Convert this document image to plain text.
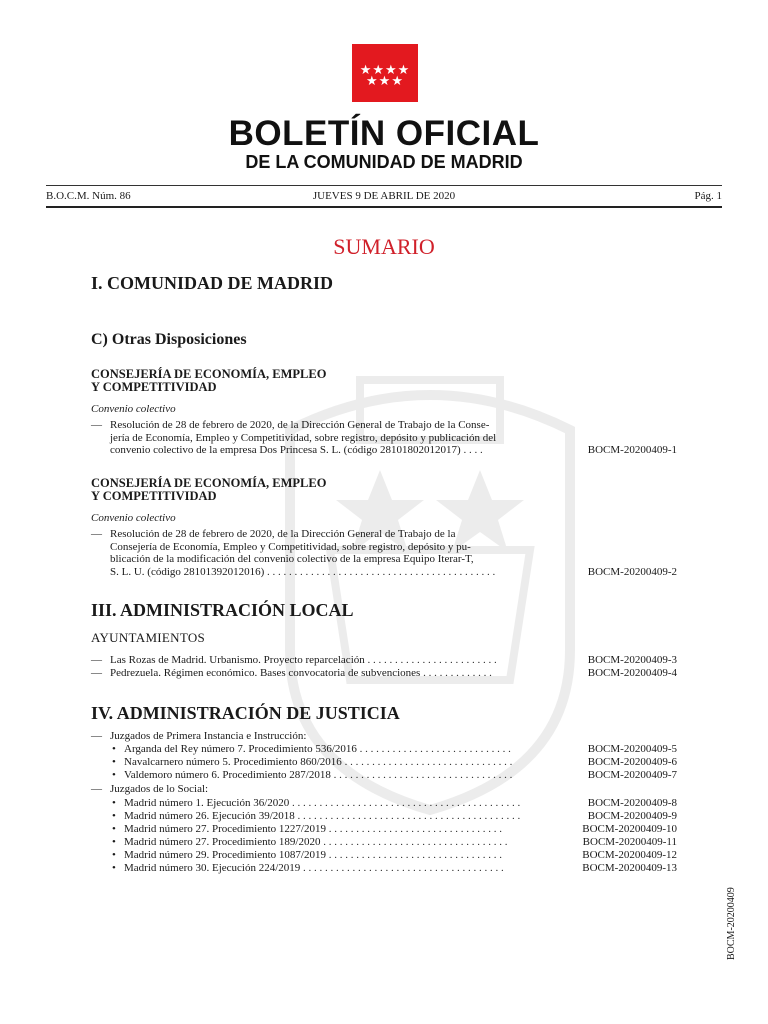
★★★★
★★★
BOLETÍN OFICIAL
DE LA COMUNIDAD DE MADRID
B.O.C.M. Núm. 86	JUEVES 9 DE ABRIL DE 2020	Pág. 1
SUMARIO
I. COMUNIDAD DE MADRID
C) Otras Disposiciones
CONSEJERÍA DE ECONOMÍA, EMPLEO
Y COMPETITIVIDAD
Convenio colectivo
— Resolución de 28 de febrero de 2020, de la Dirección General de Trabajo de la Conse-
jería de Economía, Empleo y Competitividad, sobre registro, depósito y publicación del
convenio colectivo de la empresa Dos Princesa S. L. (código 28101802012017) . . . .	BOCM-20200409-1
CONSEJERÍA DE ECONOMÍA, EMPLEO
Y COMPETITIVIDAD
Convenio colectivo
— Resolución de 28 de febrero de 2020, de la Dirección General de Trabajo de la
Consejería de Economía, Empleo y Competitividad, sobre registro, depósito y pu-
blicación de la modificación del convenio colectivo de la empresa Equipo Iterar-T,
S. L. U. (código 28101392012016) . . . . . . . . . . . . . . . . . . . . . . . . . . . . . . . . . . . . . . . . . .	BOCM-20200409-2
III. ADMINISTRACIÓN LOCAL
AYUNTAMIENTOS
— Las Rozas de Madrid. Urbanismo. Proyecto reparcelación . . . . . . . . . . . . . . . . . . . . . . . .	BOCM-20200409-3
— Pedrezuela. Régimen económico. Bases convocatoria de subvenciones . . . . . . . . . . . . .	BOCM-20200409-4
IV. ADMINISTRACIÓN DE JUSTICIA
— Juzgados de Primera Instancia e Instrucción:
• Arganda del Rey número 7. Procedimiento 536/2016 . . . . . . . . . . . . . . . . . . . . . . . . . . . .	BOCM-20200409-5
• Navalcarnero número 5. Procedimiento 860/2016 . . . . . . . . . . . . . . . . . . . . . . . . . . . . . . .	BOCM-20200409-6
• Valdemoro número 6. Procedimiento 287/2018 . . . . . . . . . . . . . . . . . . . . . . . . . . . . . . . . .	BOCM-20200409-7
— Juzgados de lo Social:
• Madrid número 1. Ejecución 36/2020 . . . . . . . . . . . . . . . . . . . . . . . . . . . . . . . . . . . . . . . . . .	BOCM-20200409-8
• Madrid número 26. Ejecución 39/2018 . . . . . . . . . . . . . . . . . . . . . . . . . . . . . . . . . . . . . . . . .	BOCM-20200409-9
• Madrid número 27. Procedimiento 1227/2019 . . . . . . . . . . . . . . . . . . . . . . . . . . . . . . . .	BOCM-20200409-10
• Madrid número 27. Procedimiento 189/2020 . . . . . . . . . . . . . . . . . . . . . . . . . . . . . . . . . .	BOCM-20200409-11
• Madrid número 29. Procedimiento 1087/2019 . . . . . . . . . . . . . . . . . . . . . . . . . . . . . . . .	BOCM-20200409-12
• Madrid número 30. Ejecución 224/2019 . . . . . . . . . . . . . . . . . . . . . . . . . . . . . . . . . . . . .	BOCM-20200409-13
BOCM-20200409
